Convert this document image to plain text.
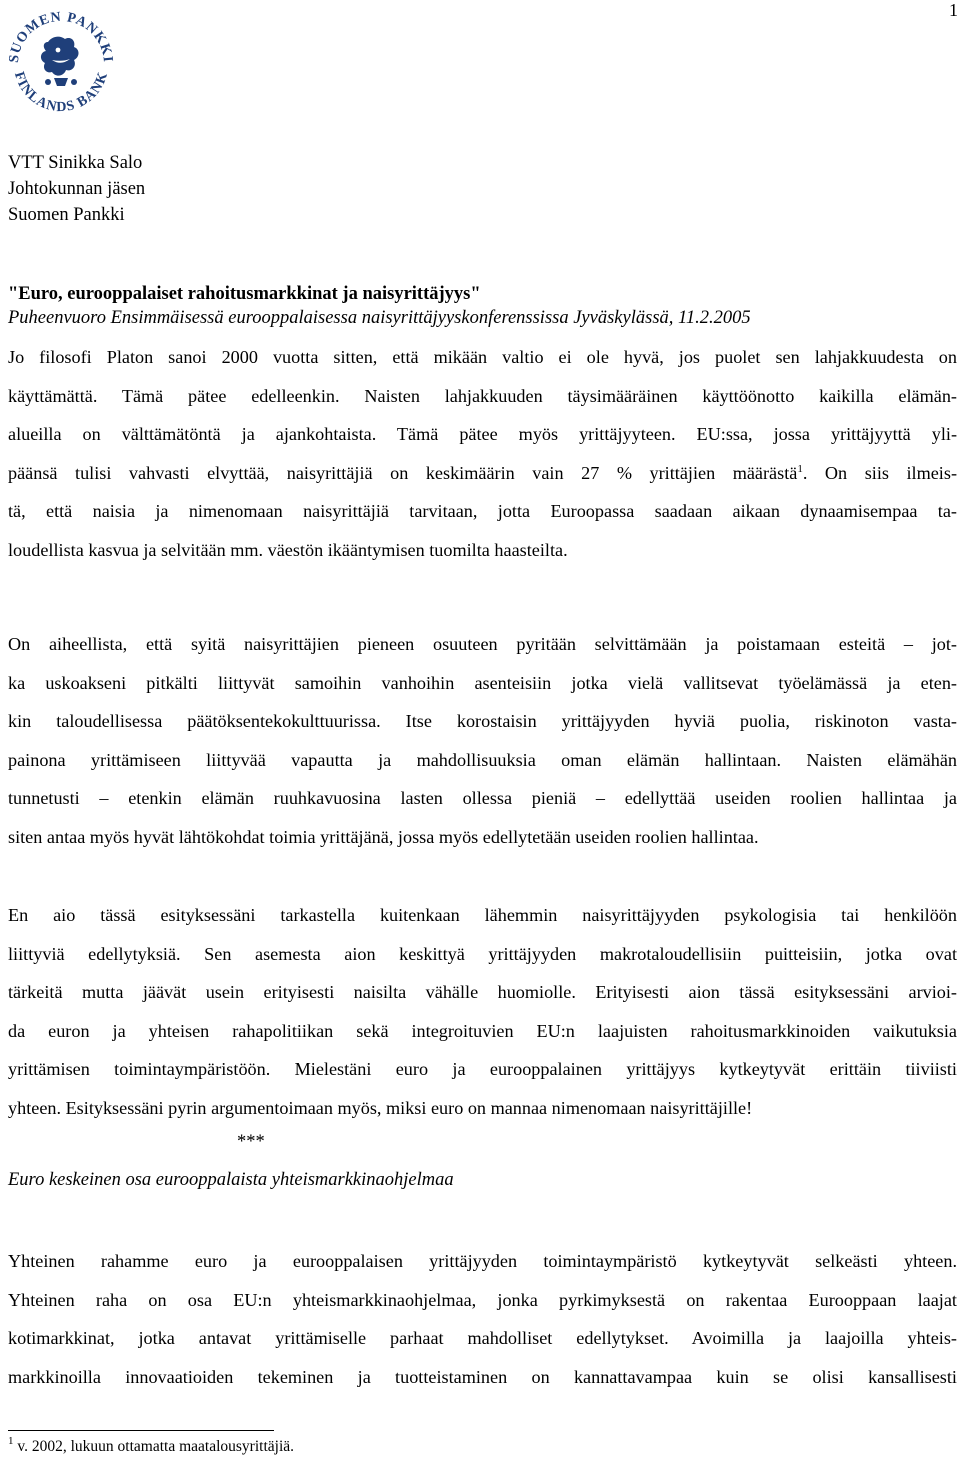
1
SUOMEN PANKKI
FINLANDS BANK
VTT Sinikka Salo
Johtokunnan jäsen
Suomen Pankki
"Euro, eurooppalaiset rahoitusmarkkinat ja naisyrittäjyys"
Puheenvuoro Ensimmäisessä eurooppalaisessa naisyrittäjyyskonferenssissa Jyväskylässä, 11.2.2005
Jo filosofi Platon sanoi 2000 vuotta sitten, että mikään valtio ei ole hyvä, jos puolet sen lahjakkuudesta on
käyttämättä. Tämä pätee edelleenkin. Naisten lahjakkuuden täysimääräinen käyttöönotto kaikilla elämän-
alueilla on välttämätöntä ja ajankohtaista. Tämä pätee myös yrittäjyyteen. EU:ssa, jossa yrittäjyyttä yli-
päänsä tulisi vahvasti elvyttää, naisyrittäjiä on keskimäärin vain 27 % yrittäjien määrästä$^1$. On siis ilmeis-
tä, että naisia ja nimenomaan naisyrittäjiä tarvitaan, jotta Euroopassa saadaan aikaan dynaamisempaa ta-
loudellista kasvua ja selvitään mm. väestön ikääntymisen tuomilta haasteilta.
On aiheellista, että syitä naisyrittäjien pieneen osuuteen pyritään selvittämään ja poistamaan esteitä – jot-
ka uskoakseni pitkälti liittyvät samoihin vanhoihin asenteisiin jotka vielä vallitsevat työelämässä ja eten-
kin taloudellisessa päätöksentekokulttuurissa. Itse korostaisin yrittäjyyden hyviä puolia, riskinoton vasta-
painona yrittämiseen liittyvää vapautta ja mahdollisuuksia oman elämän hallintaan. Naisten elämähän
tunnetusti – etenkin elämän ruuhkavuosina lasten ollessa pieniä – edellyttää useiden roolien hallintaa ja
siten antaa myös hyvät lähtökohdat toimia yrittäjänä, jossa myös edellytetään useiden roolien hallintaa.
En aio tässä esityksessäni tarkastella kuitenkaan lähemmin naisyrittäjyyden psykologisia tai henkilöön
liittyviä edellytyksiä. Sen asemesta aion keskittyä yrittäjyyden makrotaloudellisiin puitteisiin, jotka ovat
tärkeitä mutta jäävät usein erityisesti naisilta vähälle huomiolle. Erityisesti aion tässä esityksessäni arvioi-
da euron ja yhteisen rahapolitiikan sekä integroituvien EU:n laajuisten rahoitusmarkkinoiden vaikutuksia
yrittämisen toimintaympäristöön. Mielestäni euro ja eurooppalainen yrittäjyys kytkeytyvät erittäin tiiviisti
yhteen. Esityksessäni pyrin argumentoimaan myös, miksi euro on mannaa nimenomaan naisyrittäjille!
***
Euro keskeinen osa eurooppalaista yhteismarkkinaohjelmaa
Yhteinen rahamme euro ja eurooppalaisen yrittäjyyden toimintaympäristö kytkeytyvät selkeästi yhteen.
Yhteinen raha on osa EU:n yhteismarkkinaohjelmaa, jonka pyrkimyksestä on rakentaa Eurooppaan laajat
kotimarkkinat, jotka antavat yrittämiselle parhaat mahdolliset edellytykset. Avoimilla ja laajoilla yhteis-
markkinoilla innovaatioiden tekeminen ja tuotteistaminen on kannattavampaa kuin se olisi kansallisesti
$^1$ v. 2002, lukuun ottamatta maatalousyrittäjiä.
